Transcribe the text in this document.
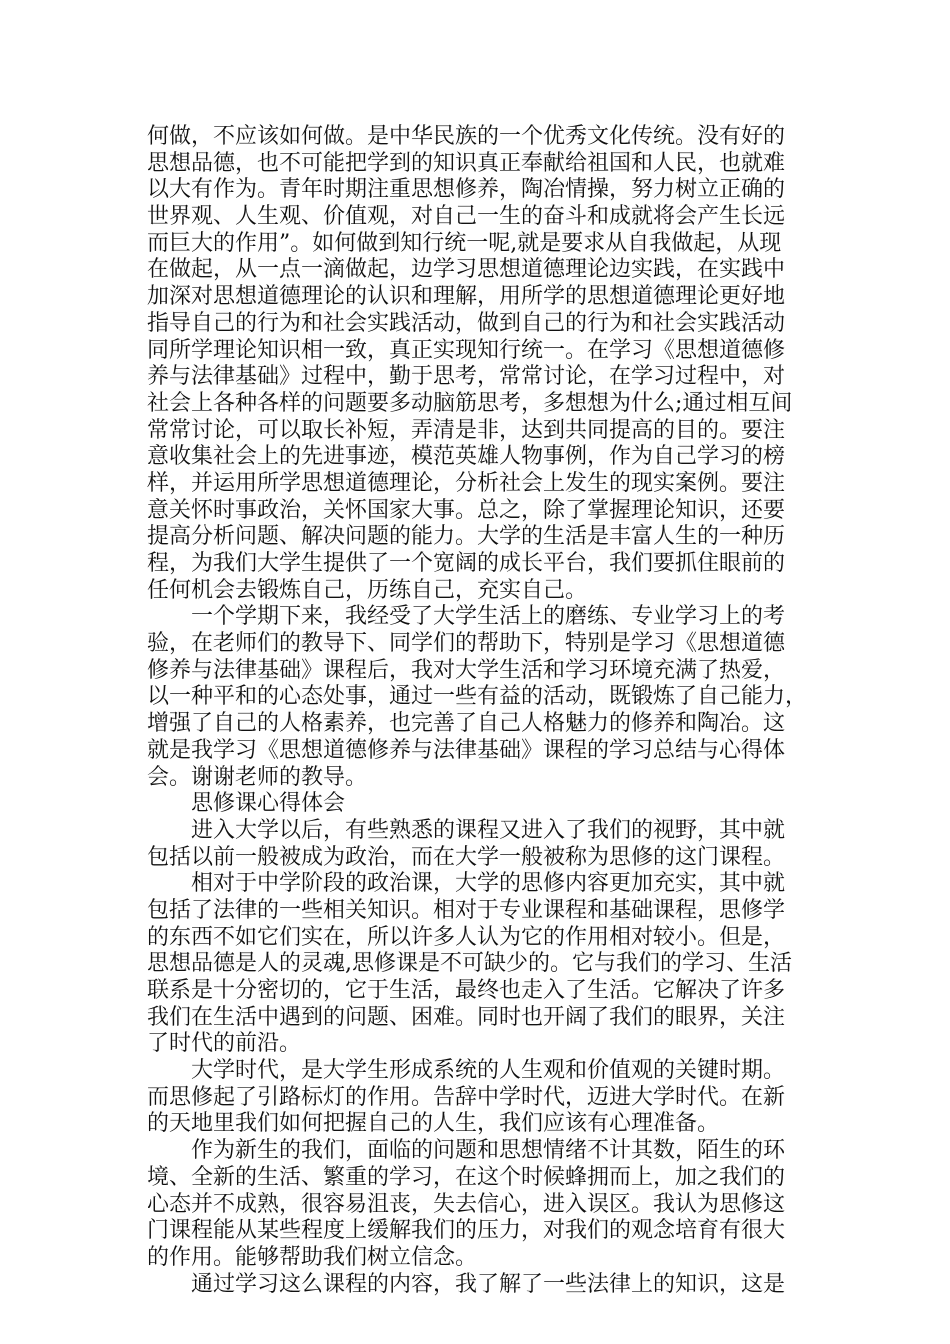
何做，不应该如何做。是中华民族的一个优秀文化传统。没有好的
思想品德，也不可能把学到的知识真正奉献给祖国和人民，也就难
以大有作为。青年时期注重思想修养，陶冶情操，努力树立正确的
世界观、人生观、价值观，对自己一生的奋斗和成就将会产生长远
而巨大的作用”。如何做到知行统一呢,就是要求从自我做起，从现
在做起，从一点一滴做起，边学习思想道德理论边实践，在实践中
加深对思想道德理论的认识和理解，用所学的思想道德理论更好地
指导自己的行为和社会实践活动，做到自己的行为和社会实践活动
同所学理论知识相一致，真正实现知行统一。在学习《思想道德修
养与法律基础》过程中，勤于思考，常常讨论，在学习过程中，对
社会上各种各样的问题要多动脑筋思考，多想想为什么;通过相互间
常常讨论，可以取长补短，弄清是非，达到共同提高的目的。要注
意收集社会上的先进事迹，模范英雄人物事例，作为自己学习的榜
样，并运用所学思想道德理论，分析社会上发生的现实案例。要注
意关怀时事政治，关怀国家大事。总之，除了掌握理论知识，还要
提高分析问题、解决问题的能力。大学的生活是丰富人生的一种历
程，为我们大学生提供了一个宽阔的成长平台，我们要抓住眼前的
任何机会去锻炼自己，历练自己，充实自己。
　　一个学期下来，我经受了大学生活上的磨练、专业学习上的考
验，在老师们的教导下、同学们的帮助下，特别是学习《思想道德
修养与法律基础》课程后，我对大学生活和学习环境充满了热爱，
以一种平和的心态处事，通过一些有益的活动，既锻炼了自己能力，
增强了自己的人格素养，也完善了自己人格魅力的修养和陶冶。这
就是我学习《思想道德修养与法律基础》课程的学习总结与心得体
会。谢谢老师的教导。
　　思修课心得体会
　　进入大学以后，有些熟悉的课程又进入了我们的视野，其中就
包括以前一般被成为政治，而在大学一般被称为思修的这门课程。
　　相对于中学阶段的政治课，大学的思修内容更加充实，其中就
包括了法律的一些相关知识。相对于专业课程和基础课程，思修学
的东西不如它们实在，所以许多人认为它的作用相对较小。但是，
思想品德是人的灵魂,思修课是不可缺少的。它与我们的学习、生活
联系是十分密切的，它于生活，最终也走入了生活。它解决了许多
我们在生活中遇到的问题、困难。同时也开阔了我们的眼界，关注
了时代的前沿。
　　大学时代，是大学生形成系统的人生观和价值观的关键时期。
而思修起了引路标灯的作用。告辞中学时代，迈进大学时代。在新
的天地里我们如何把握自己的人生，我们应该有心理准备。
　　作为新生的我们，面临的问题和思想情绪不计其数，陌生的环
境、全新的生活、繁重的学习，在这个时候蜂拥而上，加之我们的
心态并不成熟，很容易沮丧，失去信心，进入误区。我认为思修这
门课程能从某些程度上缓解我们的压力，对我们的观念培育有很大
的作用。能够帮助我们树立信念。
　　通过学习这么课程的内容，我了解了一些法律上的知识，这是
